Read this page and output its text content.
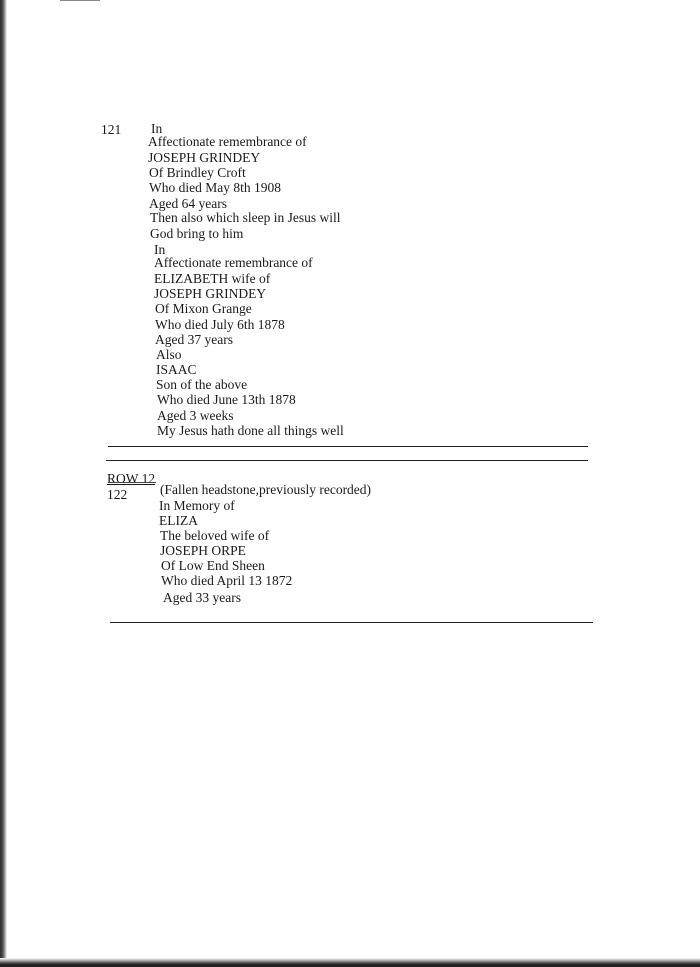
121 In
Affectionate remembrance of
JOSEPH GRINDEY
Of Brindley Croft
Who died May 8th 1908
Aged 64 years
Then also which sleep in Jesus will
God bring to him
In
Affectionate remembrance of
ELIZABETH wife of
JOSEPH GRINDEY
Of Mixon Grange
Who died July 6th 1878
Aged 37 years
Also
ISAAC
Son of the above
Who died June 13th 1878
Aged 3 weeks
My Jesus hath done all things well
ROW 12
122 (Fallen headstone,previously recorded)
In Memory of
ELIZA
The beloved wife of
JOSEPH ORPE
Of Low End Sheen
Who died April 13 1872
Aged 33 years
